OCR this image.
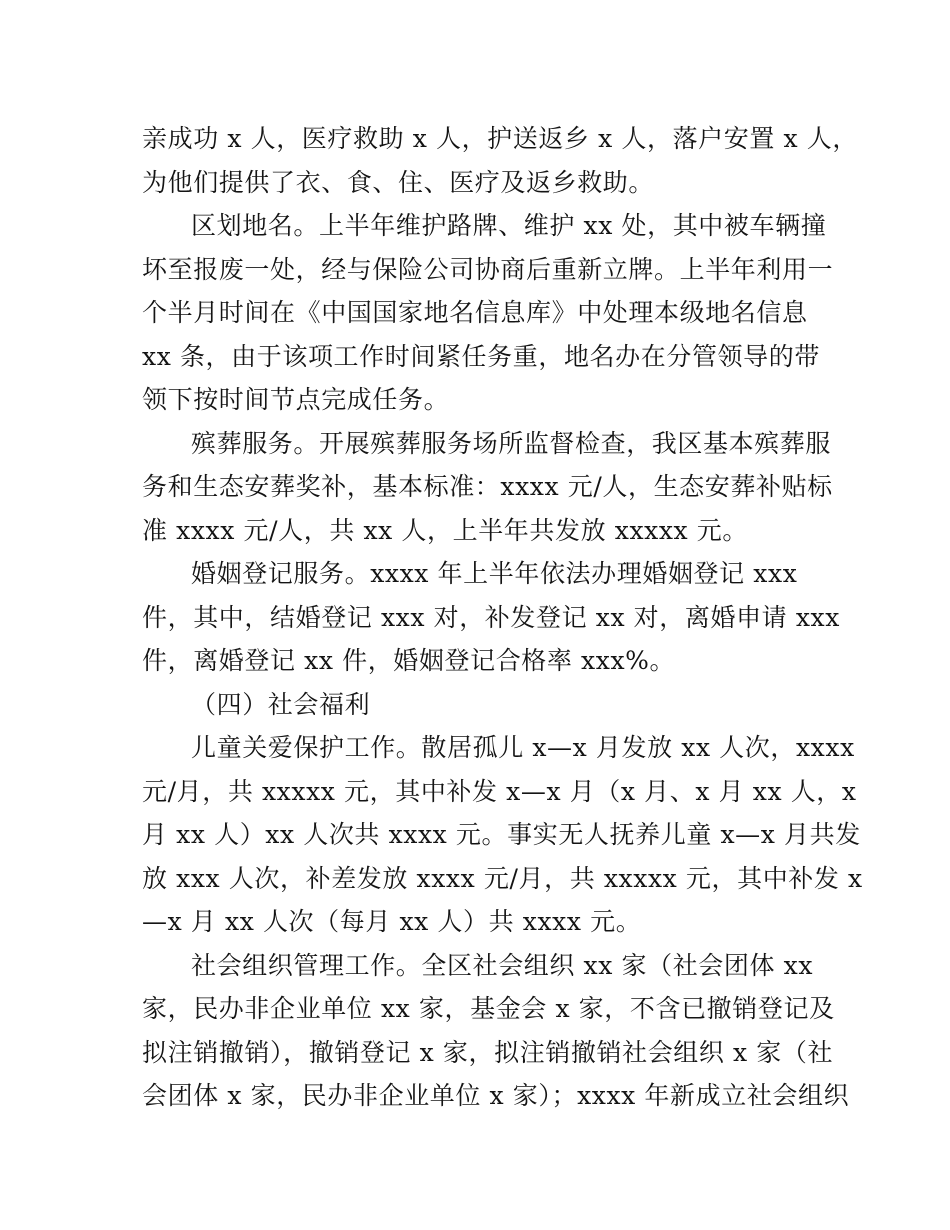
亲成功 x 人，医疗救助 x 人，护送返乡 x 人，落户安置 x 人，
为他们提供了衣、食、住、医疗及返乡救助。
区划地名。上半年维护路牌、维护 xx 处，其中被车辆撞
坏至报废一处，经与保险公司协商后重新立牌。上半年利用一
个半月时间在《中国国家地名信息库》中处理本级地名信息
xx 条，由于该项工作时间紧任务重，地名办在分管领导的带
领下按时间节点完成任务。
殡葬服务。开展殡葬服务场所监督检查，我区基本殡葬服
务和生态安葬奖补，基本标准：xxxx 元/人，生态安葬补贴标
准 xxxx 元/人，共 xx 人，上半年共发放 xxxxx 元。
婚姻登记服务。xxxx 年上半年依法办理婚姻登记 xxx
件，其中，结婚登记 xxx 对，补发登记 xx 对，离婚申请 xxx
件，离婚登记 xx 件，婚姻登记合格率 xxx%。
（四）社会福利
儿童关爱保护工作。散居孤儿 x—x 月发放 xx 人次，xxxx
元/月，共 xxxxx 元，其中补发 x—x 月（x 月、x 月 xx 人，x
月 xx 人）xx 人次共 xxxx 元。事实无人抚养儿童 x—x 月共发
放 xxx 人次，补差发放 xxxx 元/月，共 xxxxx 元，其中补发 x
—x 月 xx 人次（每月 xx 人）共 xxxx 元。
社会组织管理工作。全区社会组织 xx 家（社会团体 xx
家，民办非企业单位 xx 家，基金会 x 家，不含已撤销登记及
拟注销撤销），撤销登记 x 家，拟注销撤销社会组织 x 家（社
会团体 x 家，民办非企业单位 x 家）；xxxx 年新成立社会组织
